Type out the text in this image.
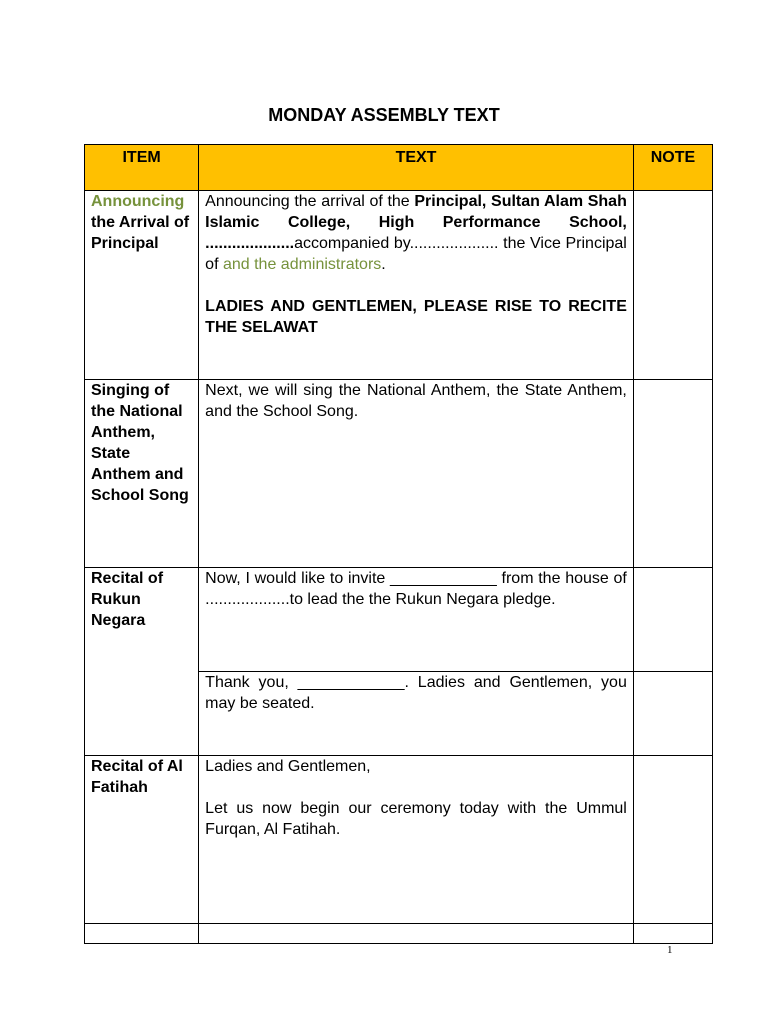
MONDAY ASSEMBLY TEXT
ITEM	TEXT	NOTE
Announcing the Arrival of Principal	Announcing the arrival of the Principal, Sultan Alam Shah Islamic College, High Performance School, ....................accompanied by.................... the Vice Principal of and the administrators.

LADIES AND GENTLEMEN, PLEASE RISE TO RECITE THE SELAWAT	

Singing of the National Anthem, State Anthem and School Song	Next, we will sing the National Anthem, the State Anthem, and the School Song.	
Recital of Rukun Negara	Now, I would like to invite ____________ from the house of ...................to lead the the Rukun Negara pledge.	
	Thank you, ____________. Ladies and Gentlemen, you may be seated.	
Recital of Al Fatihah	Ladies and Gentlemen,

Let us now begin our ceremony today with the Ummul Furqan, Al Fatihah.	

1
